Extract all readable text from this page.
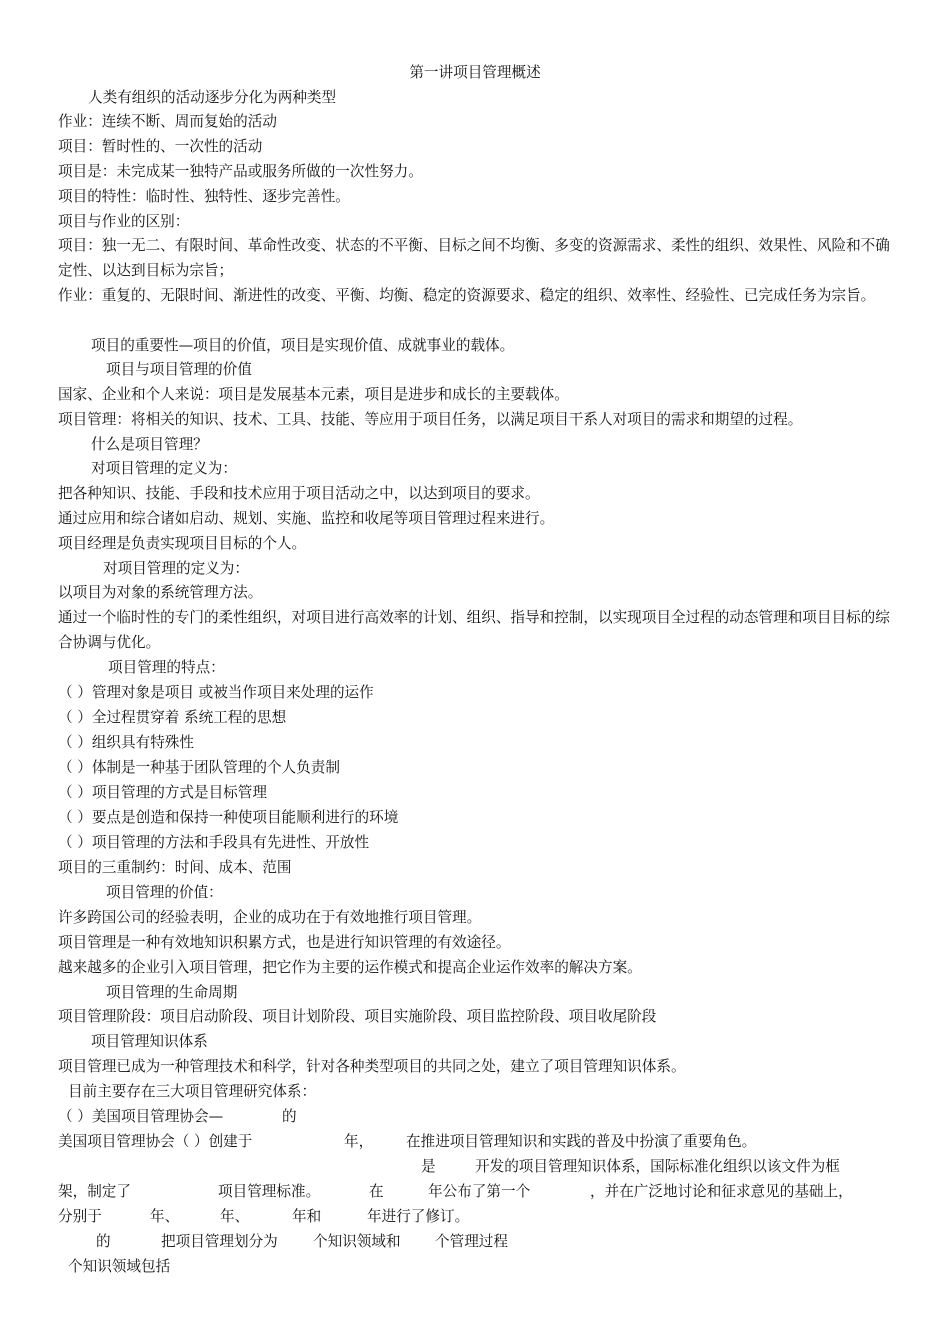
第一讲项目管理概述
人类有组织的活动逐步分化为两种类型
作业：连续不断、周而复始的活动
项目：暂时性的、一次性的活动
项目是：未完成某一独特产品或服务所做的一次性努力。
项目的特性：临时性、独特性、逐步完善性。
项目与作业的区别：
项目：独一无二、有限时间、革命性改变、状态的不平衡、目标之间不均衡、多变的资源需求、柔性的组织、效果性、风险和不确定性、以达到目标为宗旨；
作业：重复的、无限时间、渐进性的改变、平衡、均衡、稳定的资源要求、稳定的组织、效率性、经验性、已完成任务为宗旨。
项目的重要性—项目的价值，项目是实现价值、成就事业的载体。
项目与项目管理的价值
国家、企业和个人来说：项目是发展基本元素，项目是进步和成长的主要载体。
项目管理：将相关的知识、技术、工具、技能、等应用于项目任务，以满足项目干系人对项目的需求和期望的过程。
什么是项目管理？
对项目管理的定义为：
把各种知识、技能、手段和技术应用于项目活动之中，以达到项目的要求。
通过应用和综合诸如启动、规划、实施、监控和收尾等项目管理过程来进行。
项目经理是负责实现项目目标的个人。
对项目管理的定义为：
以项目为对象的系统管理方法。
通过一个临时性的专门的柔性组织，对项目进行高效率的计划、组织、指导和控制，以实现项目全过程的动态管理和项目目标的综合协调与优化。
项目管理的特点：
（ ）管理对象是项目 或被当作项目来处理的运作
（ ）全过程贯穿着 系统工程的思想
（ ）组织具有特殊性
（ ）体制是一种基于团队管理的个人负责制
（ ）项目管理的方式是目标管理
（ ）要点是创造和保持一种使项目能顺利进行的环境
（ ）项目管理的方法和手段具有先进性、开放性
项目的三重制约：时间、成本、范围
项目管理的价值：
许多跨国公司的经验表明，企业的成功在于有效地推行项目管理。
项目管理是一种有效地知识积累方式，也是进行知识管理的有效途径。
越来越多的企业引入项目管理，把它作为主要的运作模式和提高企业运作效率的解决方案。
项目管理的生命周期
项目管理阶段：项目启动阶段、项目计划阶段、项目实施阶段、项目监控阶段、项目收尾阶段
项目管理知识体系
项目管理已成为一种管理技术和科学，针对各种类型项目的共同之处，建立了项目管理知识体系。
目前主要存在三大项目管理研究体系：
（ ）美国项目管理协会—	的
美国项目管理协会（ ）创建于	年， 在推进项目管理知识和实践的普及中扮演了重要角色。
是	开发的项目管理知识体系，国际标准化组织以该文件为框
架，制定了	项目管理标准。	在	年公布了第一个	，并在广泛地讨论和征求意见的基础上，
分别于	年、	年、	年和	年进行了修订。
的	把项目管理划分为 个知识领域和 个管理过程
个知识领域包括
